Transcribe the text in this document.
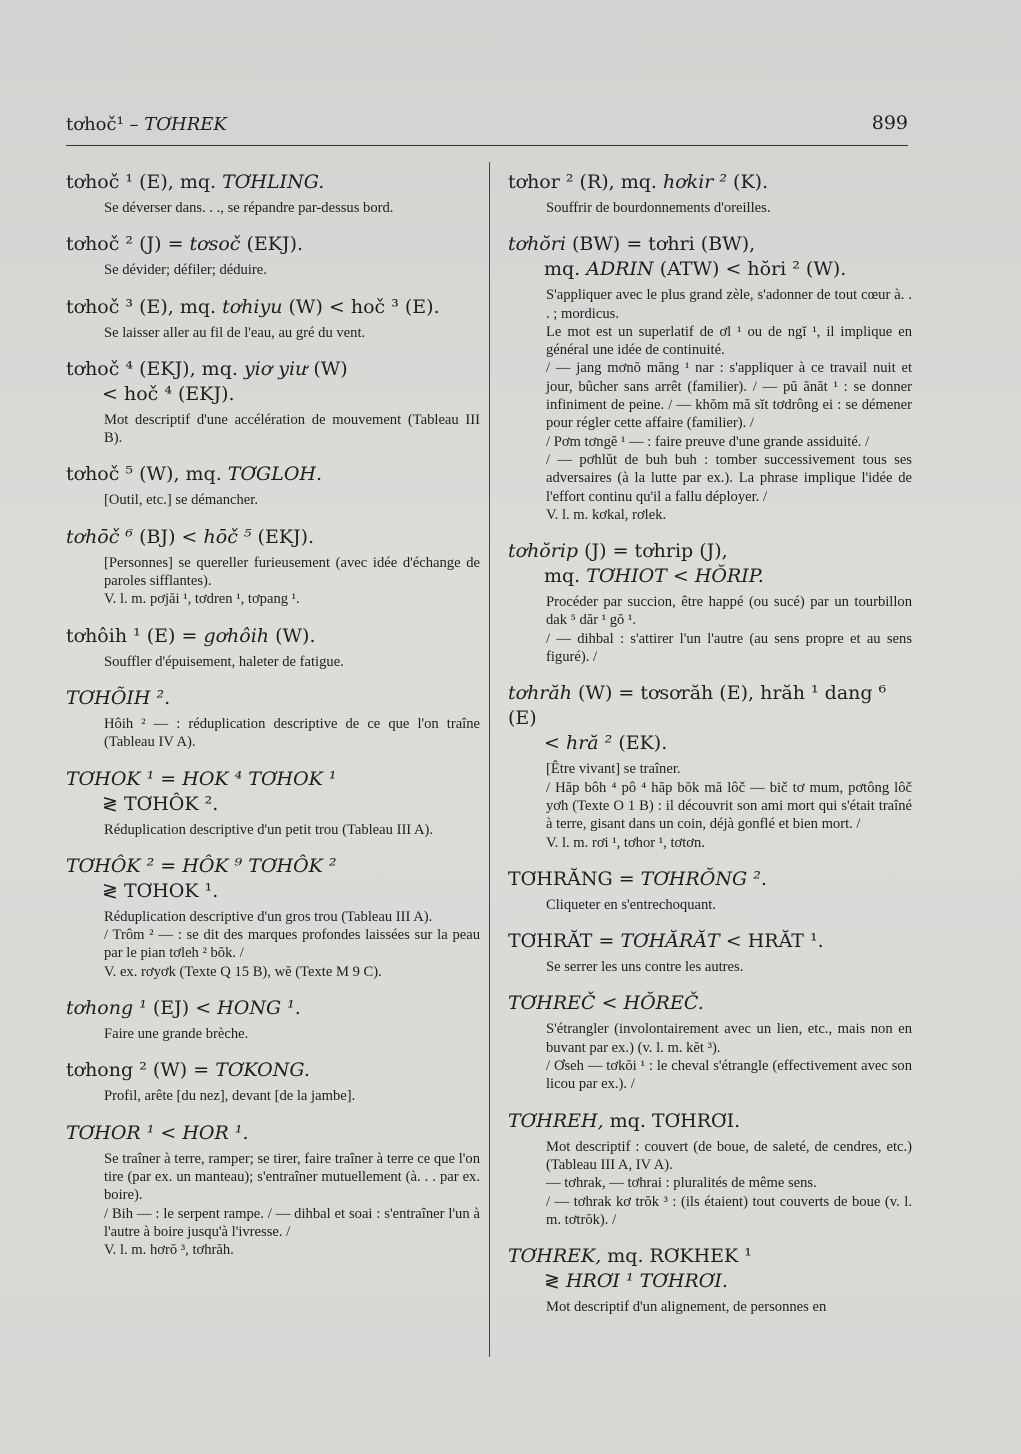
tơhoč¹ – TƠHREK	899

tơhoč ¹ (E), mq. TƠHLING.

Se déverser dans. . ., se répandre par-dessus bord.

tơhoč ² (J) = tơsoč (EKJ).

Se dévider; défiler; déduire.

tơhoč ³ (E), mq. tơhiyu (W) < hoč ³ (E).

Se laisser aller au fil de l'eau, au gré du vent.

tơhoč ⁴ (EKJ), mq. yiơ yiư (W)

< hoč ⁴ (EKJ).

Mot descriptif d'une accélération de mouvement (Tableau III B).

tơhoč ⁵ (W), mq. TƠGLOH.

[Outil, etc.] se démancher.

tơhōč ⁶ (BJ) < hōč ⁵ (EKJ).

[Personnes] se quereller furieusement (avec idée d'échange de paroles sifflantes).

V. l. m. pơjăi ¹, tơdren ¹, tơpang ¹.

tơhôih ¹ (E) = gơhôih (W).

Souffler d'épuisement, haleter de fatigue.

TƠHÕIH ².

Hôih ² — : réduplication descriptive de ce que l'on traîne (Tableau IV A).

TƠHOK ¹ = HOK ⁴ TƠHOK ¹

≷ TƠHÔK ².

Réduplication descriptive d'un petit trou (Tableau III A).

TƠHÔK ² = HÔK ⁹ TƠHÔK ²

≷ TƠHOK ¹.

Réduplication descriptive d'un gros trou (Tableau III A).

/ Trôm ² — : se dit des marques profondes laissées sur la peau par le pian tơleh ² bŏk. /

V. ex. rơyơk (Texte Q 15 B), wĕ (Texte M 9 C).

tơhong ¹ (EJ) < HONG ¹.

Faire une grande brèche.

tơhong ² (W) = TƠKONG.

Profil, arête [du nez], devant [de la jambe].

TƠHOR ¹ < HOR ¹.

Se traîner à terre, ramper; se tirer, faire traîner à terre ce que l'on tire (par ex. un manteau); s'entraîner mutuellement (à. . . par ex. boire).

/ Bih — : le serpent rampe. / — dihbal et soai : s'entraîner l'un à l'autre à boire jusqu'à l'ivresse. /

V. l. m. hơrŏ ³, tơhrăh.

tơhor ² (R), mq. hơkir ² (K).

Souffrir de bourdonnements d'oreilles.

tơhŏri (BW) = tơhri (BW),

mq. ADRIN (ATW) < hŏri ² (W).

S'appliquer avec le plus grand zèle, s'adonner de tout cœur à. . . ; mordicus.

Le mot est un superlatif de ơl ¹ ou de ngĭ ¹, il implique en général une idée de continuité.

/ — jang mơnŏ măng ¹ nar : s'appliquer à ce travail nuit et jour, bûcher sans arrêt (familier). / — pŭ ănăt ¹ : se donner infiniment de peine. / — khŏm mă sĭt tơdrông ei : se démener pour régler cette affaire (familier). /

/ Pơm tơngĕ ¹ — : faire preuve d'une grande assiduité. /

/ — pơhlŭt de buh buh : tomber successivement tous ses adversaires (à la lutte par ex.). La phrase implique l'idée de l'effort continu qu'il a fallu déployer. /

V. l. m. kơkal, rơlek.

tơhŏrip (J) = tơhrip (J),

mq. TƠHIOT < HŎRIP.

Procéder par succion, être happé (ou sucé) par un tourbillon dak ⁵ dăr ¹ gŏ ¹.

/ — dihbal : s'attirer l'un l'autre (au sens propre et au sens figuré). /

tơhrăh (W) = tơsơrăh (E), hrăh ¹ dang ⁶ (E)

< hră ² (EK).

[Être vivant] se traîner.

/ Hăp bôh ⁴ pô ⁴ hăp bŏk mă lôč — bič tơ mum, pơtông lôč yơh (Texte O 1 B) : il découvrit son ami mort qui s'était traîné à terre, gisant dans un coin, déjà gonflé et bien mort. /

V. l. m. rơi ¹, tơhor ¹, tơtơn.

TƠHRĂNG = TƠHRŎNG ².

Cliqueter en s'entrechoquant.

TƠHRĂT = TƠHĂRĂT < HRĂT ¹.

Se serrer les uns contre les autres.

TƠHREČ < HŎREČ.

S'étrangler (involontairement avec un lien, etc., mais non en buvant par ex.) (v. l. m. kĕt ³).

/ Ơseh — tơkŏi ¹ : le cheval s'étrangle (effectivement avec son licou par ex.). /

TƠHREH, mq. TƠHRƠI.

Mot descriptif : couvert (de boue, de saleté, de cendres, etc.) (Tableau III A, IV A).

— tơhrak, — tơhrai : pluralités de même sens.

/ — tơhrak kơ trŏk ³ : (ils étaient) tout couverts de boue (v. l. m. tơtrŏk). /

TƠHREK, mq. RƠKHEK ¹

≷ HRƠI ¹ TƠHRƠI.

Mot descriptif d'un alignement, de personnes en
